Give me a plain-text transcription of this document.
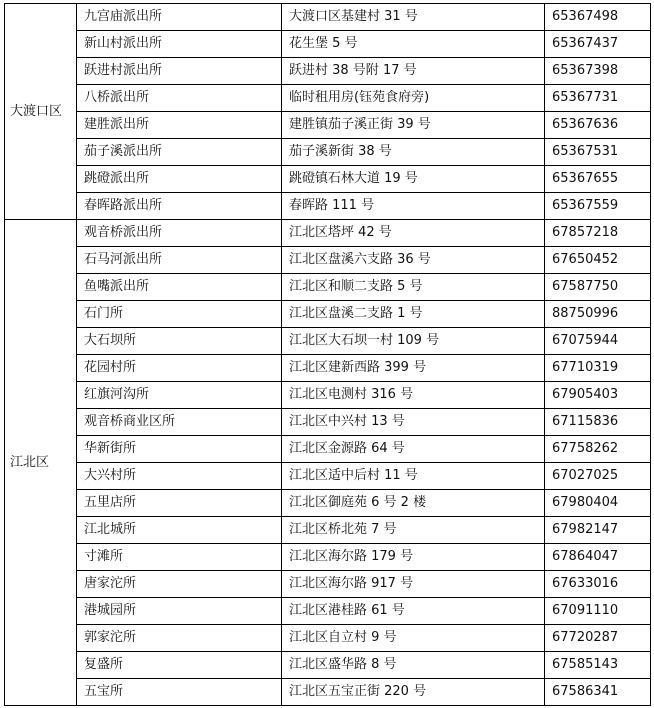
大渡口区	九宫庙派出所	大渡口区基建村 31 号	65367498
	新山村派出所	花生堡 5 号	65367437
	跃进村派出所	跃进村 38 号附 17 号	65367398
	八桥派出所	临时租用房(钰苑食府旁)	65367731
	建胜派出所	建胜镇茄子溪正街 39 号	65367636
	茄子溪派出所	茄子溪新街 38 号	65367531
	跳磴派出所	跳磴镇石林大道 19 号	65367655
	春晖路派出所	春晖路 111 号	65367559
江北区	观音桥派出所	江北区塔坪 42 号	67857218
	石马河派出所	江北区盘溪六支路 36 号	67650452
	鱼嘴派出所	江北区和顺二支路 5 号	67587750
	石门所	江北区盘溪二支路 1 号	88750996
	大石坝所	江北区大石坝一村 109 号	67075944
	花园村所	江北区建新西路 399 号	67710319
	红旗河沟所	江北区电测村 316 号	67905403
	观音桥商业区所	江北区中兴村 13 号	67115836
	华新街所	江北区金源路 64 号	67758262
	大兴村所	江北区适中后村 11 号	67027025
	五里店所	江北区御庭苑 6 号 2 楼	67980404
	江北城所	江北区桥北苑 7 号	67982147
	寸滩所	江北区海尔路 179 号	67864047
	唐家沱所	江北区海尔路 917 号	67633016
	港城园所	江北区港桂路 61 号	67091110
	郭家沱所	江北区自立村 9 号	67720287
	复盛所	江北区盛华路 8 号	67585143
	五宝所	江北区五宝正街 220 号	67586341
